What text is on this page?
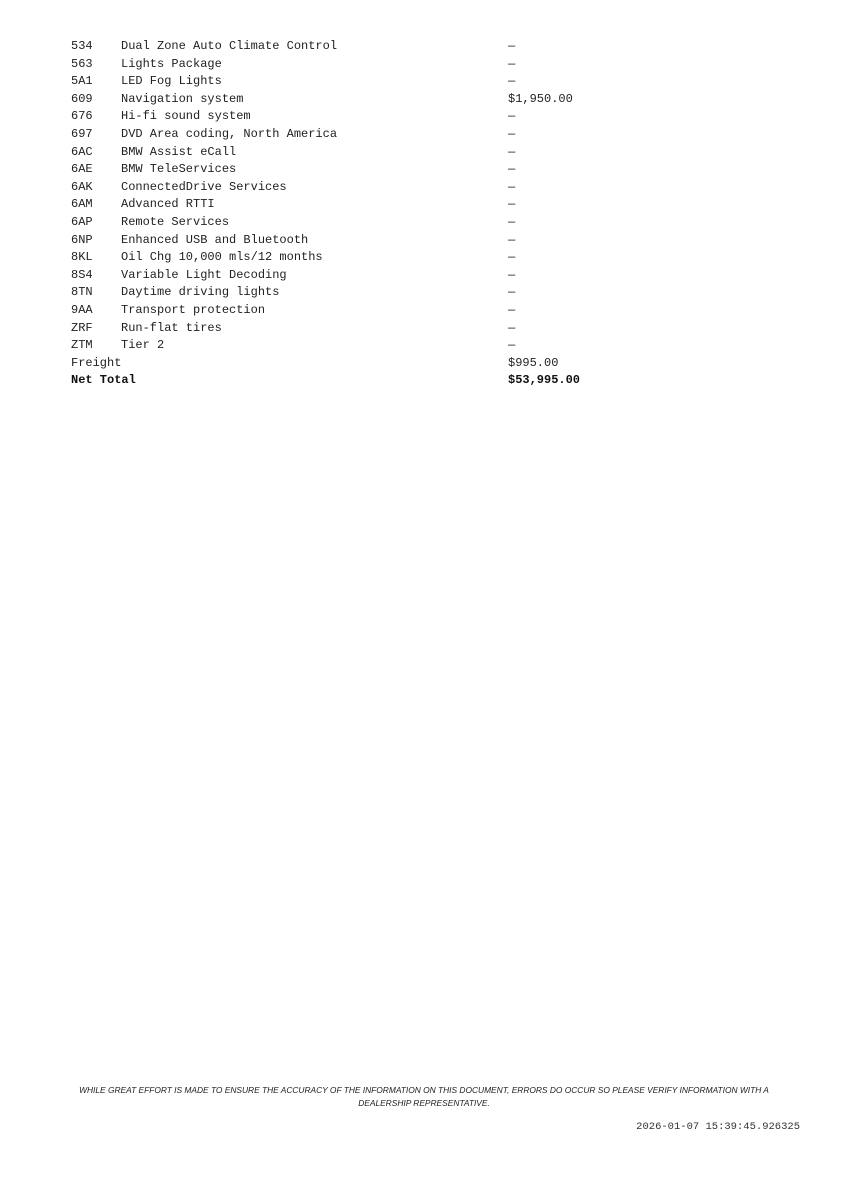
534 Dual Zone Auto Climate Control	—
563 Lights Package	—
5A1 LED Fog Lights	—
609 Navigation system	$1,950.00
676 Hi-fi sound system	—
697 DVD Area coding, North America	—
6AC BMW Assist eCall	—
6AE BMW TeleServices	—
6AK ConnectedDrive Services	—
6AM Advanced RTTI	—
6AP Remote Services	—
6NP Enhanced USB and Bluetooth	—
8KL Oil Chg 10,000 mls/12 months	—
8S4 Variable Light Decoding	—
8TN Daytime driving lights	—
9AA Transport protection	—
ZRF Run-flat tires	—
ZTM Tier 2	—
Freight	$995.00
Net Total	$53,995.00
WHILE GREAT EFFORT IS MADE TO ENSURE THE ACCURACY OF THE INFORMATION ON THIS DOCUMENT, ERRORS DO OCCUR SO PLEASE VERIFY INFORMATION WITH A DEALERSHIP REPRESENTATIVE.
2026-01-07 15:39:45.926325
